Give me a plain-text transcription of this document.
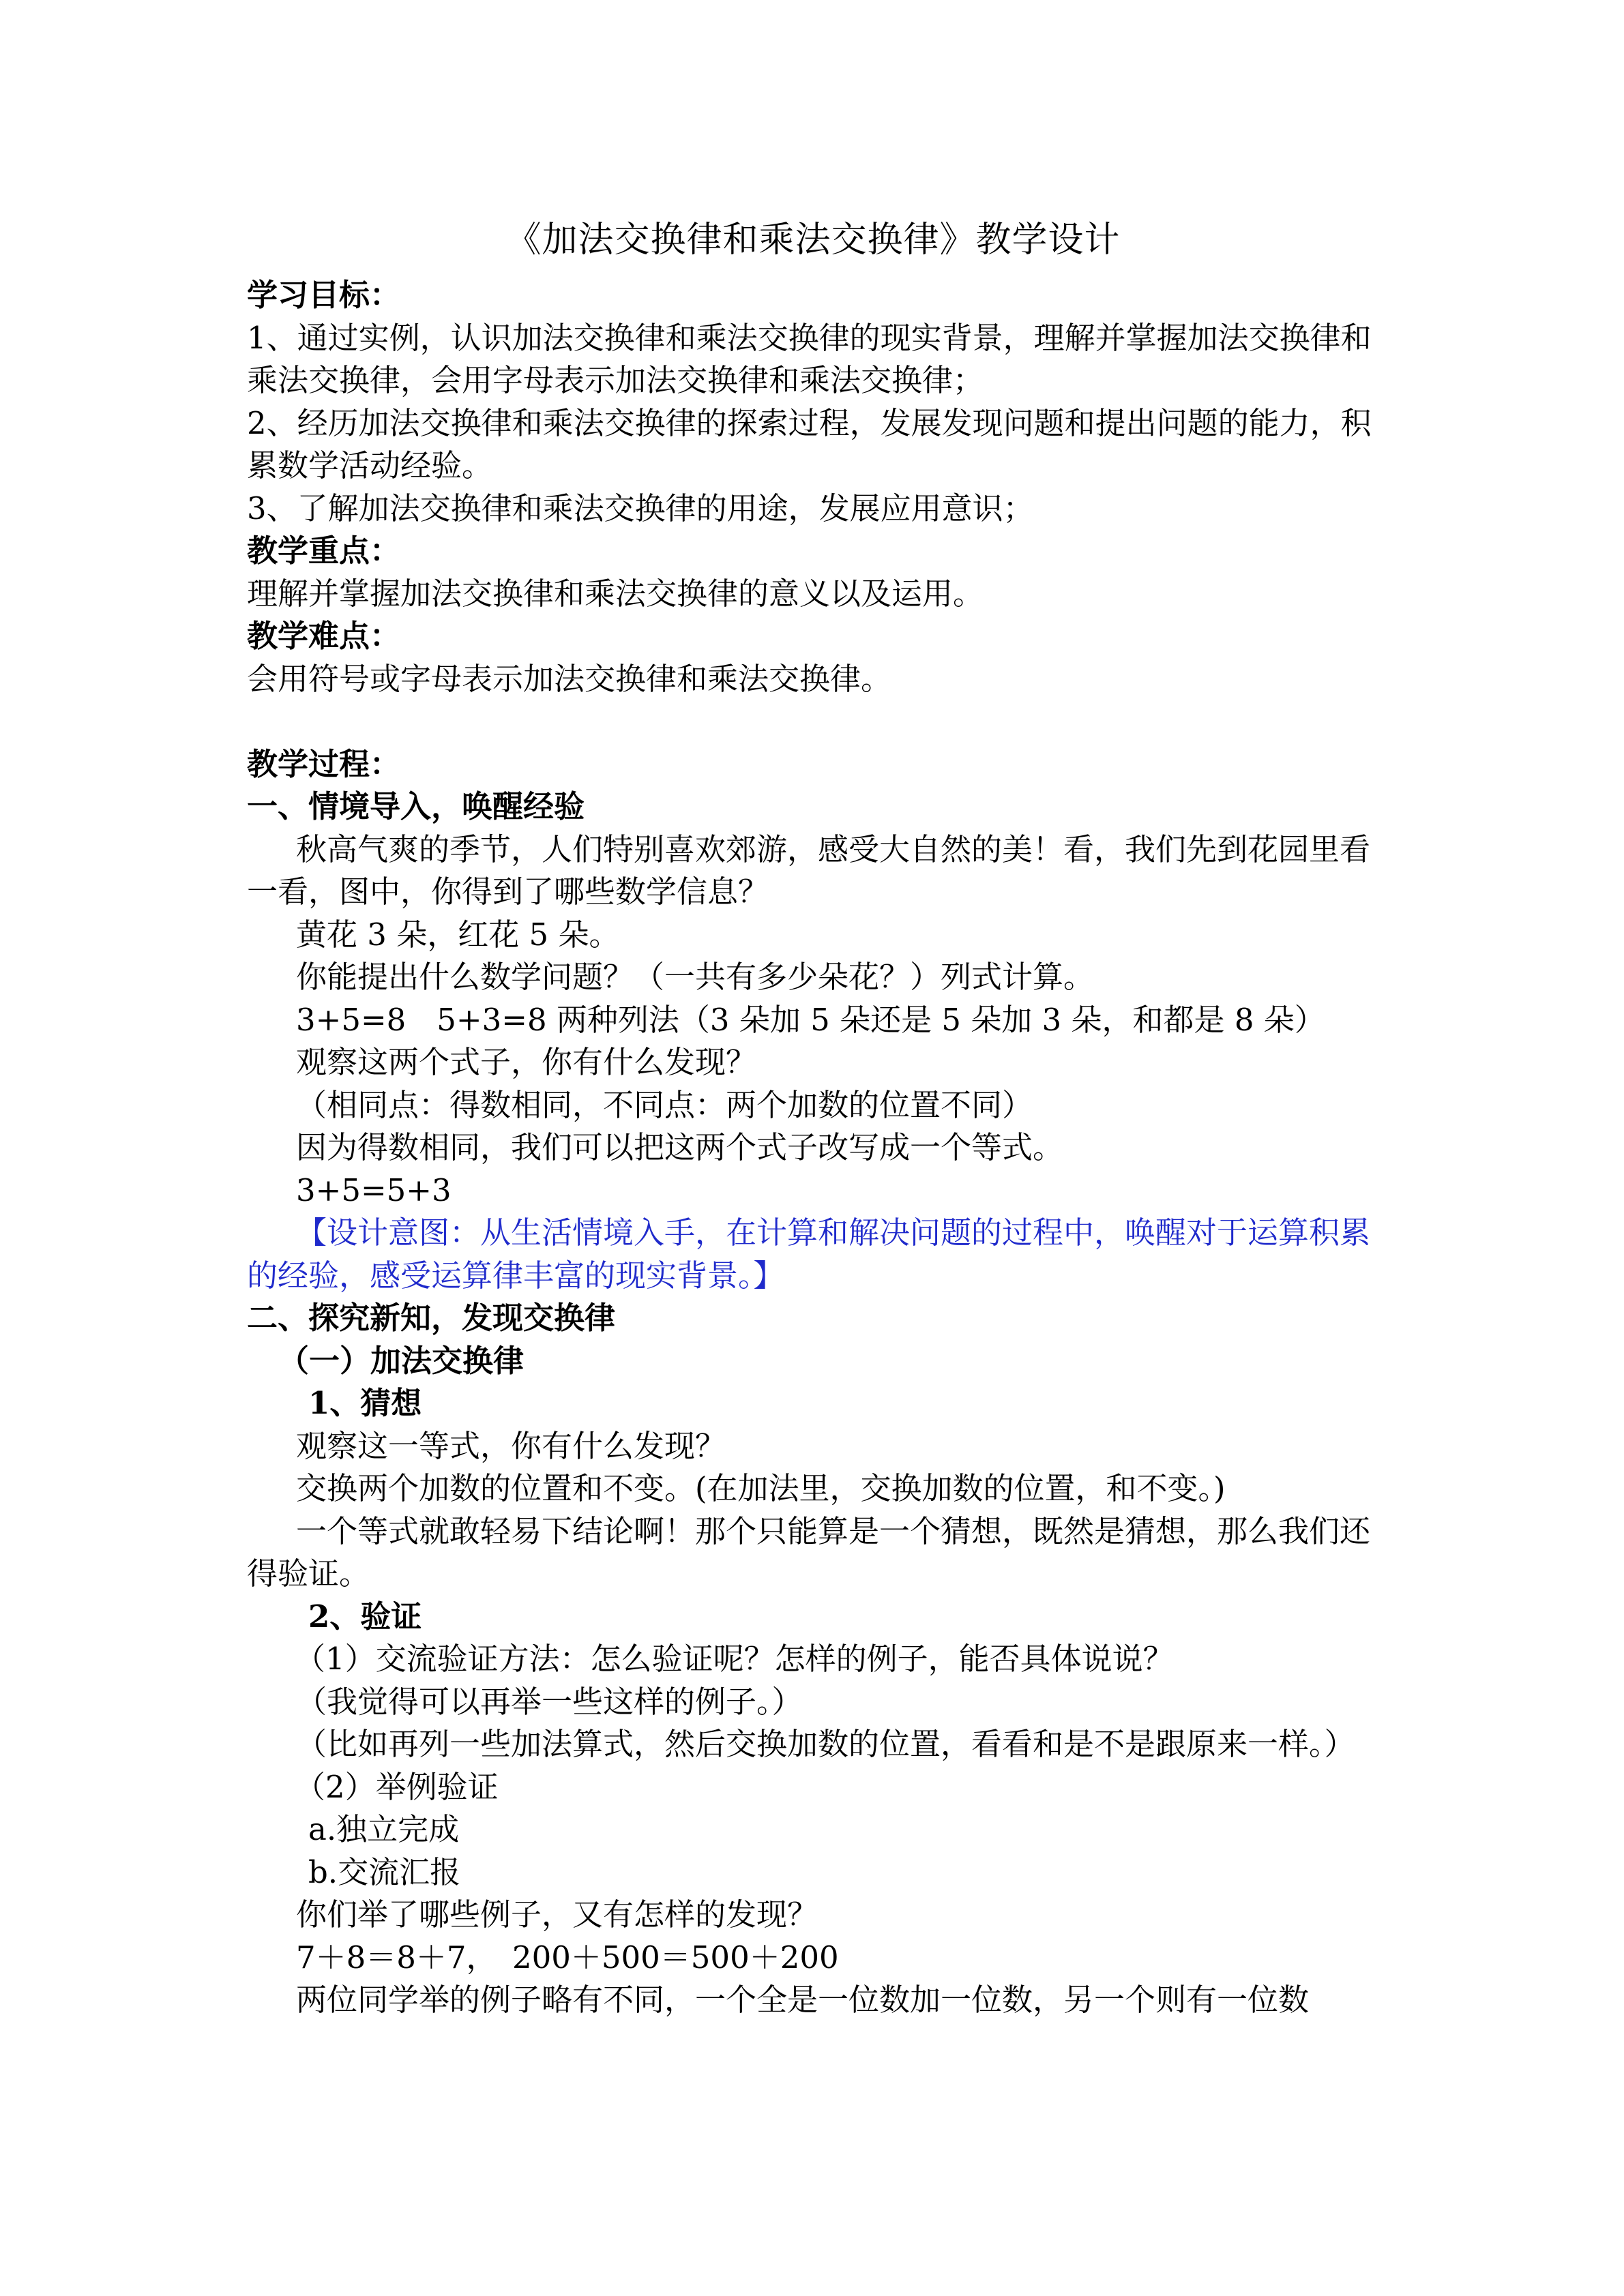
《加法交换律和乘法交换律》教学设计

学习目标：

1、通过实例，认识加法交换律和乘法交换律的现实背景，理解并掌握加法交换律和乘法交换律，会用字母表示加法交换律和乘法交换律；

2、经历加法交换律和乘法交换律的探索过程，发展发现问题和提出问题的能力，积累数学活动经验。

3、了解加法交换律和乘法交换律的用途，发展应用意识；

教学重点：

理解并掌握加法交换律和乘法交换律的意义以及运用。

教学难点：

会用符号或字母表示加法交换律和乘法交换律。

教学过程：

一、情境导入，唤醒经验

秋高气爽的季节，人们特别喜欢郊游，感受大自然的美！看，我们先到花园里看一看，图中，你得到了哪些数学信息？

黄花 3 朵，红花 5 朵。

你能提出什么数学问题？（一共有多少朵花？）列式计算。

3+5=8　5+3=8 两种列法（3 朵加 5 朵还是 5 朵加 3 朵，和都是 8 朵）

观察这两个式子，你有什么发现？

（相同点：得数相同，不同点：两个加数的位置不同）

因为得数相同，我们可以把这两个式子改写成一个等式。

3+5=5+3

【设计意图：从生活情境入手，在计算和解决问题的过程中，唤醒对于运算积累的经验，感受运算律丰富的现实背景。】

二、探究新知，发现交换律

（一）加法交换律

1、猜想

观察这一等式，你有什么发现？

交换两个加数的位置和不变。(在加法里，交换加数的位置，和不变。)

一个等式就敢轻易下结论啊！那个只能算是一个猜想，既然是猜想，那么我们还得验证。

2、验证

（1）交流验证方法：怎么验证呢？怎样的例子，能否具体说说？

（我觉得可以再举一些这样的例子。）

（比如再列一些加法算式，然后交换加数的位置，看看和是不是跟原来一样。）

（2）举例验证

a.独立完成

b.交流汇报

你们举了哪些例子，又有怎样的发现？

7＋8＝8＋7，　200＋500＝500＋200

两位同学举的例子略有不同，一个全是一位数加一位数，另一个则有一位数
